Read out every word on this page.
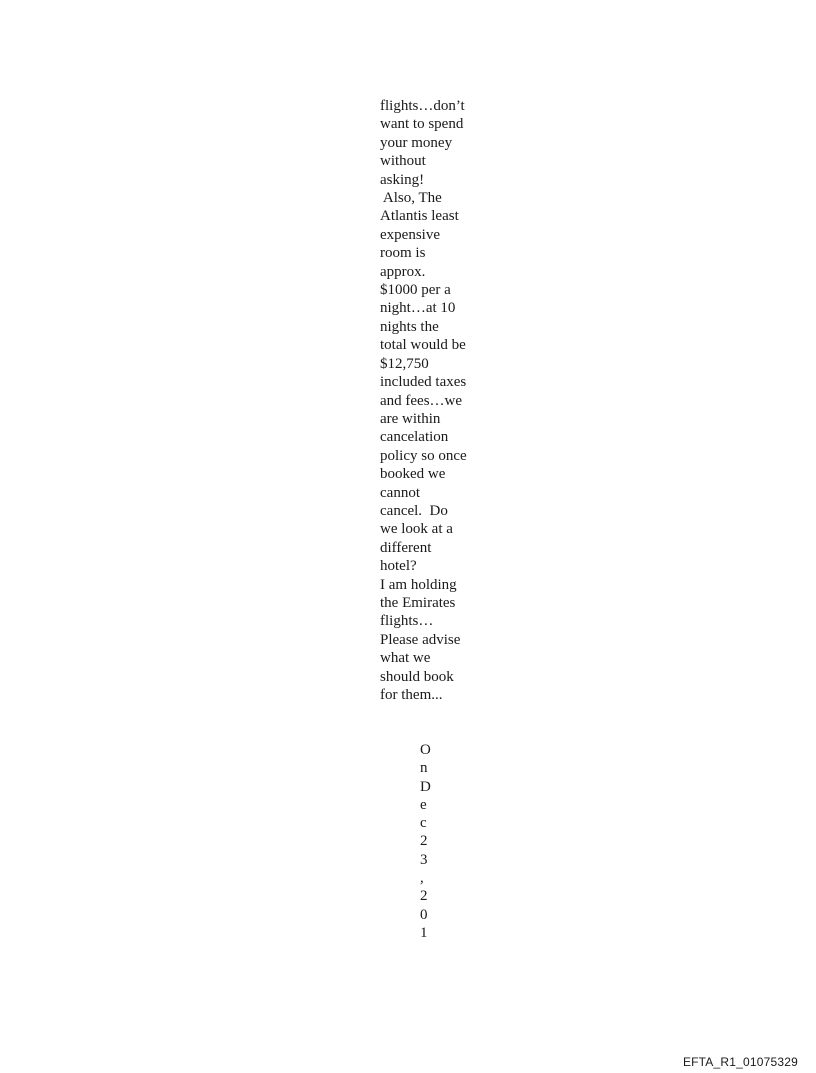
flights…don’t
want to spend
your money
without
asking!
Also, The
Atlantis least
expensive
room is
approx.
$1000 per a
night…at 10
nights the
total would be
$12,750
included taxes
and fees…we
are within
cancelation
policy so once
booked we
cannot
cancel.  Do
we look at a
different
hotel?
I am holding
the Emirates
flights…
Please advise
what we
should book
for them...
O
n
D
e
c
2
3
,
2
0
1
EFTA_R1_01075329
